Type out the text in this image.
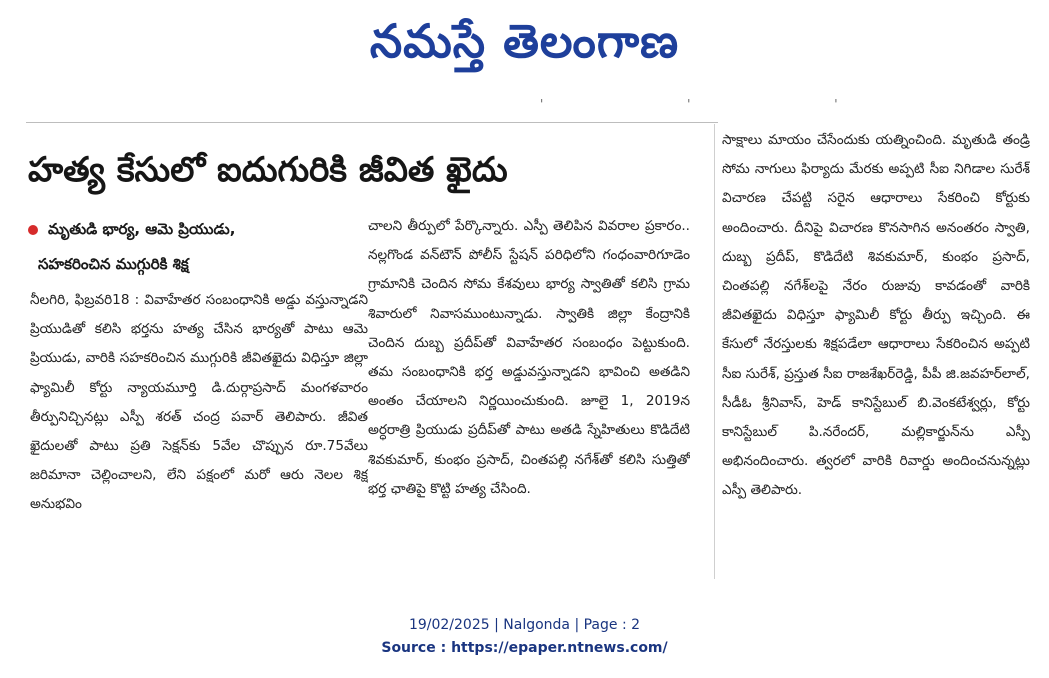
నమస్తే తెలంగాణ
' ' '
హత్య కేసులో ఐదుగురికి జీవిత ఖైదు
మృతుడి భార్య, ఆమె ప్రియుడు,
సహకరించిన ముగ్గురికి శిక్ష

నీలగిరి, ఫిబ్రవరి18 : వివాహేతర సంబంధానికి అడ్డు వస్తున్నాడని ప్రియుడితో కలిసి భర్తను హత్య చేసిన భార్యతో పాటు ఆమె ప్రియుడు, వారికి సహకరించిన ముగ్గురికి జీవితఖైదు విధిస్తూ జిల్లా ఫ్యామిలీ కోర్టు న్యాయమూర్తి డి.దుర్గాప్రసాద్ మంగళవారం తీర్పునిచ్చినట్లు ఎస్పీ శరత్ చంద్ర పవార్ తెలిపారు. జీవిత ఖైదులతో పాటు ప్రతి సెక్షన్‌కు 5వేల చొప్పున రూ.75వేలు జరిమానా చెల్లించాలని, లేని పక్షంలో మరో ఆరు నెలల శిక్ష అనుభవిం

చాలని తీర్పులో పేర్కొన్నారు. ఎస్పీ తెలిపిన వివరాల ప్రకారం.. నల్లగొండ వన్‌టౌన్ పోలీస్ స్టేషన్ పరిధిలోని గంధంవారిగూడెం గ్రామానికి చెందిన సోమ కేశవులు భార్య స్వాతితో కలిసి గ్రామ శివారులో నివాసముంటున్నాడు. స్వాతికి జిల్లా కేంద్రానికి చెందిన దుబ్బ ప్రదీప్‌తో వివాహేతర సంబంధం పెట్టుకుంది. తమ సంబంధానికి భర్త అడ్డువస్తున్నాడని భావించి అతడిని అంతం చేయాలని నిర్ణయించుకుంది. జూలై 1, 2019న అర్ధరాత్రి ప్రియుడు ప్రదీప్‌తో పాటు అతడి స్నేహితులు కొడిదేటి శివకుమార్, కుంభం ప్రసాద్, చింతపల్లి నగేశ్‌తో కలిసి సుత్తితో భర్త ఛాతిపై కొట్టి హత్య చేసింది.

సాక్షాలు మాయం చేసేందుకు యత్నించింది. మృతుడి తండ్రి సోమ నాగులు ఫిర్యాదు మేరకు అప్పటి సీఐ నిగిడాల సురేశ్ విచారణ చేపట్టి సరైన ఆధారాలు సేకరించి కోర్టుకు అందించారు. దీనిపై విచారణ కొనసాగిన అనంతరం స్వాతి, దుబ్బ ప్రదీప్, కొడిదేటి శివకుమార్, కుంభం ప్రసాద్, చింతపల్లి నగేశ్‌లపై నేరం రుజువు కావడంతో వారికి జీవితఖైదు విధిస్తూ ఫ్యామిలీ కోర్టు తీర్పు ఇచ్చింది. ఈ కేసులో నేరస్తులకు శిక్షపడేలా ఆధారాలు సేకరించిన అప్పటి సీఐ సురేశ్, ప్రస్తుత సీఐ రాజశేఖర్‌రెడ్డి, పీపీ జి.జవహర్‌లాల్, సీడీఓ శ్రీనివాస్, హెడ్ కానిస్టేబుల్ బి.వెంకటేశ్వర్లు, కోర్టు కానిస్టేబుల్ పి.నరేందర్, మల్లికార్జున్‌ను ఎస్పీ అభినందించారు. త్వరలో వారికి రివార్డు అందించనున్నట్లు ఎస్పీ తెలిపారు.

19/02/2025 | Nalgonda | Page : 2
Source : https://epaper.ntnews.com/
